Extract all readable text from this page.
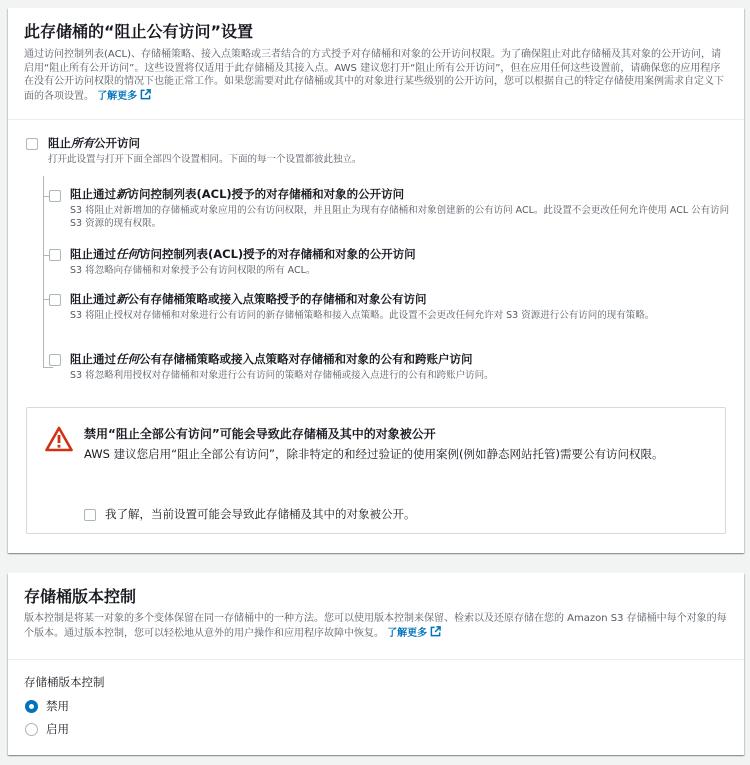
此存储桶的“阻止公有访问”设置
通过访问控制列表(ACL)、存储桶策略、接入点策略或三者结合的方式授予对存储桶和对象的公开访问权限。为了确保阻止对此存储桶及其对象的公开访问，请启用“阻止所有公开访问”。这些设置将仅适用于此存储桶及其接入点。AWS 建议您打开“阻止所有公开访问”，但在应用任何这些设置前，请确保您的应用程序在没有公开访问权限的情况下也能正常工作。如果您需要对此存储桶或其中的对象进行某些级别的公开访问，您可以根据自己的特定存储使用案例需求自定义下面的各项设置。 了解更多
阻止所有公开访问
打开此设置与打开下面全部四个设置相同。下面的每一个设置都彼此独立。
阻止通过新访问控制列表(ACL)授予的对存储桶和对象的公开访问
S3 将阻止对新增加的存储桶或对象应用的公有访问权限，并且阻止为现有存储桶和对象创建新的公有访问 ACL。此设置不会更改任何允许使用 ACL 公有访问 S3 资源的现有权限。
阻止通过任何访问控制列表(ACL)授予的对存储桶和对象的公开访问
S3 将忽略向存储桶和对象授予公有访问权限的所有 ACL。
阻止通过新公有存储桶策略或接入点策略授予的存储桶和对象公有访问
S3 将阻止授权对存储桶和对象进行公有访问的新存储桶策略和接入点策略。此设置不会更改任何允许对 S3 资源进行公有访问的现有策略。
阻止通过任何公有存储桶策略或接入点策略对存储桶和对象的公有和跨账户访问
S3 将忽略利用授权对存储桶和对象进行公有访问的策略对存储桶或接入点进行的公有和跨账户访问。
禁用“阻止全部公有访问”可能会导致此存储桶及其中的对象被公开
AWS 建议您启用“阻止全部公有访问”，除非特定的和经过验证的使用案例(例如静态网站托管)需要公有访问权限。
我了解，当前设置可能会导致此存储桶及其中的对象被公开。
存储桶版本控制
版本控制是将某一对象的多个变体保留在同一存储桶中的一种方法。您可以使用版本控制来保留、检索以及还原存储在您的 Amazon S3 存储桶中每个对象的每个版本。通过版本控制，您可以轻松地从意外的用户操作和应用程序故障中恢复。 了解更多
存储桶版本控制
禁用
启用
